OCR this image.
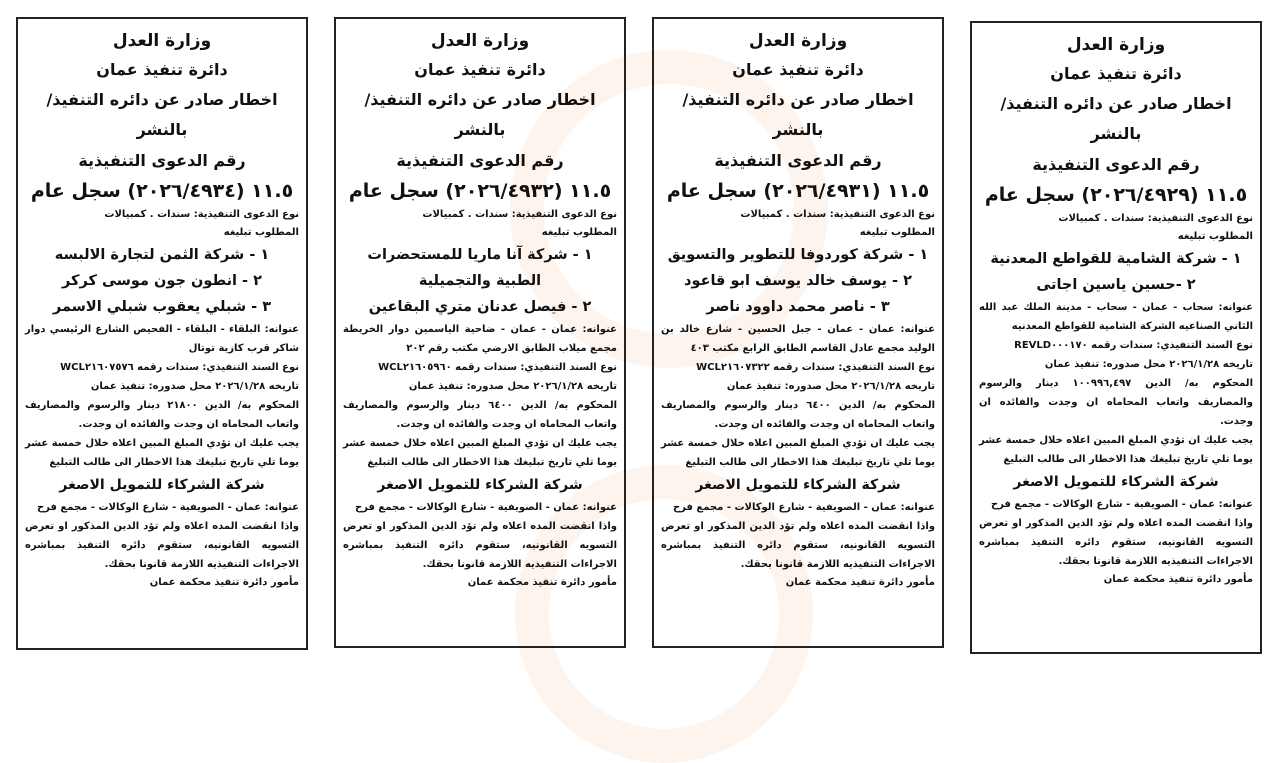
وزارة العدل
دائرة تنفيذ عمان
اخطار صادر عن دائره التنفيذ/ بالنشر
رقم الدعوى التنفيذية
١١.٥ (٢٠٢٦/٤٩٢٩) سجل عام
نوع الدعوى التنفيذية: سندات . كمبيالات
المطلوب تبليغه
١ - شركة الشامية للقواطع المعدنية
٢ -حسين ياسين اجاتى
عنوانه: سحاب - عمان - سحاب - مدينة الملك عبد الله الثاني الصناعيه الشركة الشامية للقواطع المعدنيه
نوع السند التنفيذي: سندات رقمه REVLD٠٠٠١٧٠
تاريخه ٢٠٢٦/١/٢٨ محل صدوره: تنفيذ عمان
المحكوم به/ الدين ١٠٠٩٩٦,٤٩٧ دينار والرسوم والمصاريف واتعاب المحاماه ان وجدت والفائده ان وجدت.
يجب عليك ان تؤدي المبلغ المبين اعلاه خلال خمسة عشر يوما تلي تاريخ تبليغك هذا الاخطار الى طالب التبليغ
شركة الشركاء للتمويل الاصغر
عنوانه: عمان - الصويفية - شارع الوكالات - مجمع فرح
واذا انقضت المده اعلاه ولم تؤد الدين المذكور او تعرض التسويه القانونيه، ستقوم دائره التنفيذ بمباشره الاجراءات التنفيذيه اللازمة قانونا بحقك.
مأمور دائرة تنفيذ محكمة عمان
وزارة العدل
دائرة تنفيذ عمان
اخطار صادر عن دائره التنفيذ/ بالنشر
رقم الدعوى التنفيذية
١١.٥ (٢٠٢٦/٤٩٣١) سجل عام
نوع الدعوى التنفيذية: سندات . كمبيالات
المطلوب تبليغه
١ - شركة كوردوفا للتطوير والتسويق
٢ - يوسف خالد يوسف ابو قاعود
٣ - ناصر محمد داوود ناصر
عنوانه: عمان - عمان - جبل الحسين - شارع خالد بن الوليد مجمع عادل القاسم الطابق الرابع مكتب ٤٠٣
نوع السند التنفيذي: سندات رقمه WCL٢١٦٠٧٣٢٢
تاريخه ٢٠٢٦/١/٢٨ محل صدوره: تنفيذ عمان
المحكوم به/ الدين ٦٤٠٠ دينار والرسوم والمصاريف واتعاب المحاماه ان وجدت والفائده ان وجدت.
يجب عليك ان تؤدي المبلغ المبين اعلاه خلال خمسة عشر يوما تلي تاريخ تبليغك هذا الاخطار الى طالب التبليغ
شركة الشركاء للتمويل الاصغر
عنوانه: عمان - الصويفية - شارع الوكالات - مجمع فرح
واذا انقضت المده اعلاه ولم تؤد الدين المذكور او تعرض التسويه القانونيه، ستقوم دائره التنفيذ بمباشره الاجراءات التنفيذيه اللازمة قانونا بحقك.
مأمور دائرة تنفيذ محكمة عمان
وزارة العدل
دائرة تنفيذ عمان
اخطار صادر عن دائره التنفيذ/ بالنشر
رقم الدعوى التنفيذية
١١.٥ (٢٠٢٦/٤٩٣٢) سجل عام
نوع الدعوى التنفيذية: سندات . كمبيالات
المطلوب تبليغه
١ - شركة آنا ماريا للمستحضرات الطبية والتجميلية
٢ - فيصل عدنان متري البقاعين
عنوانه: عمان - عمان - ضاحية الياسمين دوار الخريطة مجمع ميلاب الطابق الارضي مكتب رقم ٢٠٢
نوع السند التنفيذي: سندات رقمه WCL٢١٦٠٥٩٦٠
تاريخه ٢٠٢٦/١/٢٨ محل صدوره: تنفيذ عمان
المحكوم به/ الدين ٦٤٠٠ دينار والرسوم والمصاريف واتعاب المحاماه ان وجدت والفائده ان وجدت.
يجب عليك ان تؤدي المبلغ المبين اعلاه خلال خمسة عشر يوما تلي تاريخ تبليغك هذا الاخطار الى طالب التبليغ
شركة الشركاء للتمويل الاصغر
عنوانه: عمان - الصويفية - شارع الوكالات - مجمع فرح
واذا انقضت المده اعلاه ولم تؤد الدين المذكور او تعرض التسويه القانونيه، ستقوم دائره التنفيذ بمباشره الاجراءات التنفيذيه اللازمة قانونا بحقك.
مأمور دائرة تنفيذ محكمة عمان
وزارة العدل
دائرة تنفيذ عمان
اخطار صادر عن دائره التنفيذ/ بالنشر
رقم الدعوى التنفيذية
١١.٥ (٢٠٢٦/٤٩٣٤) سجل عام
نوع الدعوى التنفيذية: سندات . كمبيالات
المطلوب تبليغه
١ - شركة الثمن لتجارة الالبسه
٢ - انطون جون موسى كركر
٣ - شبلي يعقوب شبلي الاسمر
عنوانه: البلقاء - البلقاء - الفحيص الشارع الرئيسي دوار شاكر قرب كازية توتال
نوع السند التنفيذي: سندات رقمه WCL٢١٦٠٧٥٧٦
تاريخه ٢٠٢٦/١/٢٨ محل صدوره: تنفيذ عمان
المحكوم به/ الدين ٢١٨٠٠ دينار والرسوم والمصاريف واتعاب المحاماه ان وجدت والفائده ان وجدت.
يجب عليك ان تؤدي المبلغ المبين اعلاه خلال خمسة عشر يوما تلي تاريخ تبليغك هذا الاخطار الى طالب التبليغ
شركة الشركاء للتمويل الاصغر
عنوانه: عمان - الصويفية - شارع الوكالات - مجمع فرح
واذا انقضت المده اعلاه ولم تؤد الدين المذكور او تعرض التسويه القانونيه، ستقوم دائره التنفيذ بمباشره الاجراءات التنفيذيه اللازمة قانونا بحقك.
مأمور دائرة تنفيذ محكمة عمان
